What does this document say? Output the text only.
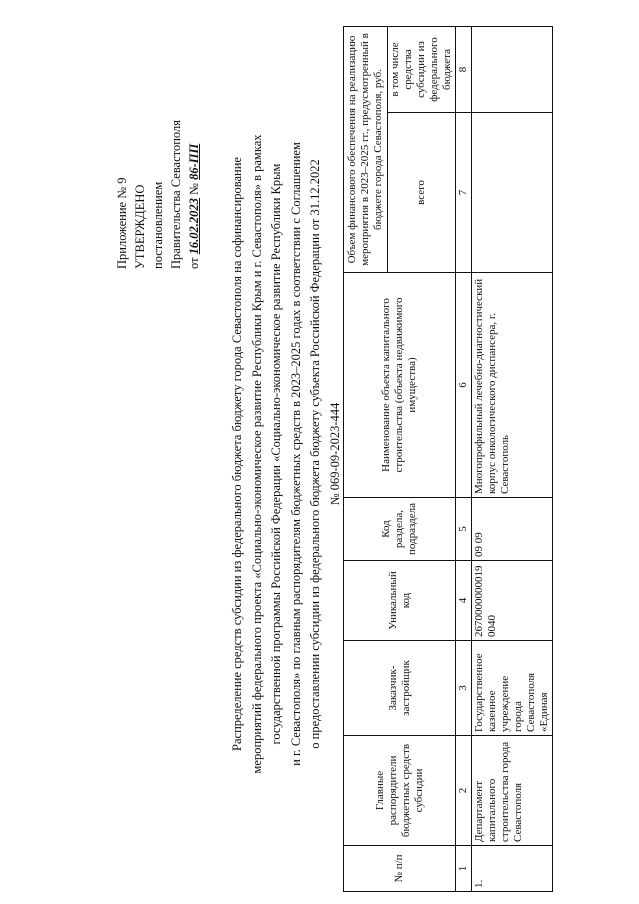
Приложение № 9 УТВЕРЖДЕНО постановлением Правительства Севастополя от 16.02.2023 № 86-ПП Распределение средств субсидии из федерального бюджета бюджету города Севастополя на софинансирование мероприятий федерального проекта «Социально-экономическое развитие Республики Крым и г. Севастополя» в рамках государственной программы Российской Федерации «Социально-экономическое развитие Республики Крым и г. Севастополя» по главным распорядителям бюджетных средств в 2023–2025 годах в соответствии с Соглашением о предоставлении субсидии из федерального бюджета бюджету субъекта Российской Федерации от 31.12.2022 № 069-09-2023-444
№ п/п	Главные распорядители бюджетных средств субсидии	Заказчик-застройщик	Уникальный код	Код раздела, подраздела	Наименование объекта капитального строительства (объекта недвижимого имущества)	Объем финансового обеспечения на реализацию мероприятия в 2023–2025 гг., предусмотренный в бюджете города Севастополя, руб.	
						всего	в том числе средства субсидии из федерального бюджета
1	2	3	4	5	6	7	8
1.	Департамент капитального строительства города Севастополя	Государственное казенное учреждение города Севастополя «Единая	26700000000190040	09 09	Многопрофильный лечебно-диагностический корпус онкологического диспансера, г. Севастополь		
